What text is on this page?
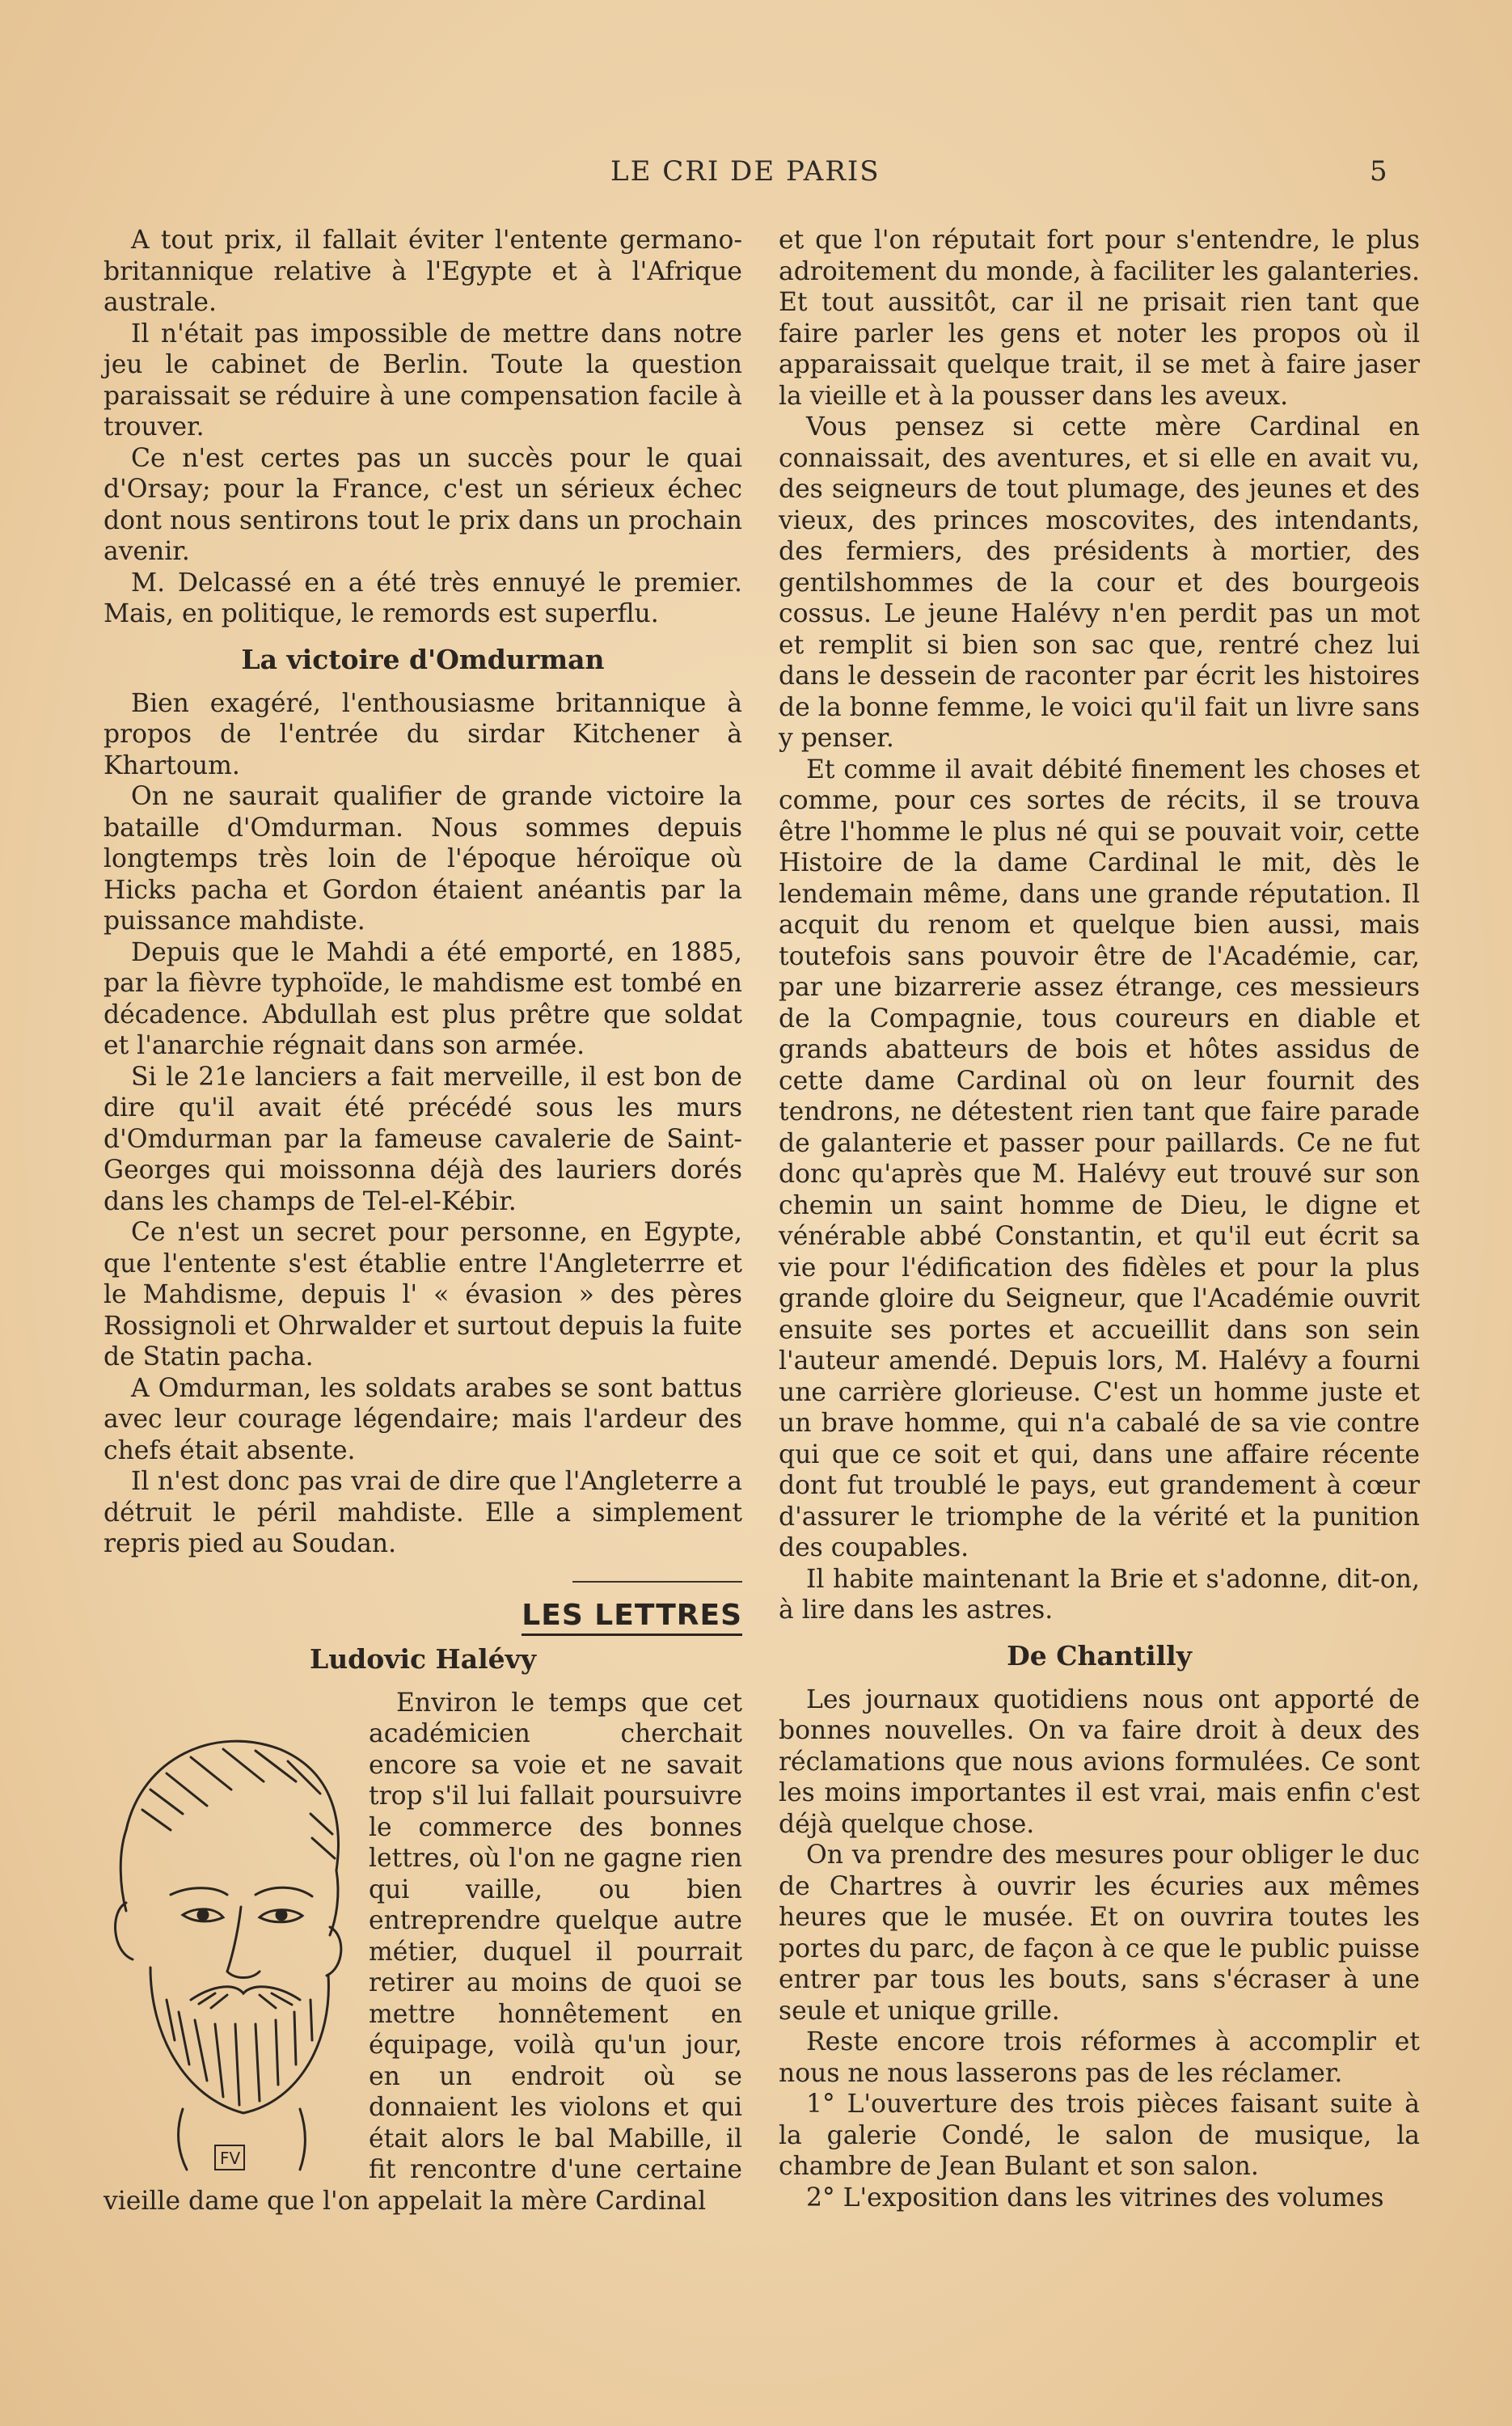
LE CRI DE PARIS	5

A tout prix, il fallait éviter l'entente germano-britannique relative à l'Egypte et à l'Afrique australe.

Il n'était pas impossible de mettre dans notre jeu le cabinet de Berlin. Toute la question paraissait se réduire à une compensation facile à trouver.

Ce n'est certes pas un succès pour le quai d'Orsay; pour la France, c'est un sérieux échec dont nous sentirons tout le prix dans un prochain avenir.

M. Delcassé en a été très ennuyé le premier. Mais, en politique, le remords est superflu.

La victoire d'Omdurman

Bien exagéré, l'enthousiasme britannique à propos de l'entrée du sirdar Kitchener à Khartoum.

On ne saurait qualifier de grande victoire la bataille d'Omdurman. Nous sommes depuis longtemps très loin de l'époque héroïque où Hicks pacha et Gordon étaient anéantis par la puissance mahdiste.

Depuis que le Mahdi a été emporté, en 1885, par la fièvre typhoïde, le mahdisme est tombé en décadence. Abdullah est plus prêtre que soldat et l'anarchie régnait dans son armée.

Si le 21e lanciers a fait merveille, il est bon de dire qu'il avait été précédé sous les murs d'Omdurman par la fameuse cavalerie de Saint-Georges qui moissonna déjà des lauriers dorés dans les champs de Tel-el-Kébir.

Ce n'est un secret pour personne, en Egypte, que l'entente s'est établie entre l'Angleterrre et le Mahdisme, depuis l' « évasion » des pères Rossignoli et Ohrwalder et surtout depuis la fuite de Statin pacha.

A Omdurman, les soldats arabes se sont battus avec leur courage légendaire; mais l'ardeur des chefs était absente.

Il n'est donc pas vrai de dire que l'Angleterre a détruit le péril mahdiste. Elle a simplement repris pied au Soudan.

LES LETTRES
Ludovic Halévy
FV

Environ le temps que cet académicien cherchait encore sa voie et ne savait trop s'il lui fallait poursuivre le commerce des bonnes lettres, où l'on ne gagne rien qui vaille, ou bien entreprendre quelque autre métier, duquel il pourrait retirer au moins de quoi se mettre honnêtement en équipage, voilà qu'un jour, en un endroit où se donnaient les violons et qui était alors le bal Mabille, il fit rencontre d'une certaine vieille dame que l'on appelait la mère Cardinal

et que l'on réputait fort pour s'entendre, le plus adroitement du monde, à faciliter les galanteries. Et tout aussitôt, car il ne prisait rien tant que faire parler les gens et noter les propos où il apparaissait quelque trait, il se met à faire jaser la vieille et à la pousser dans les aveux.

Vous pensez si cette mère Cardinal en connaissait, des aventures, et si elle en avait vu, des seigneurs de tout plumage, des jeunes et des vieux, des princes moscovites, des intendants, des fermiers, des présidents à mortier, des gentilshommes de la cour et des bourgeois cossus. Le jeune Halévy n'en perdit pas un mot et remplit si bien son sac que, rentré chez lui dans le dessein de raconter par écrit les histoires de la bonne femme, le voici qu'il fait un livre sans y penser.

Et comme il avait débité finement les choses et comme, pour ces sortes de récits, il se trouva être l'homme le plus né qui se pouvait voir, cette Histoire de la dame Cardinal le mit, dès le lendemain même, dans une grande réputation. Il acquit du renom et quelque bien aussi, mais toutefois sans pouvoir être de l'Académie, car, par une bizarrerie assez étrange, ces messieurs de la Compagnie, tous coureurs en diable et grands abatteurs de bois et hôtes assidus de cette dame Cardinal où on leur fournit des tendrons, ne détestent rien tant que faire parade de galanterie et passer pour paillards. Ce ne fut donc qu'après que M. Halévy eut trouvé sur son chemin un saint homme de Dieu, le digne et vénérable abbé Constantin, et qu'il eut écrit sa vie pour l'édification des fidèles et pour la plus grande gloire du Seigneur, que l'Académie ouvrit ensuite ses portes et accueillit dans son sein l'auteur amendé. Depuis lors, M. Halévy a fourni une carrière glorieuse. C'est un homme juste et un brave homme, qui n'a cabalé de sa vie contre qui que ce soit et qui, dans une affaire récente dont fut troublé le pays, eut grandement à cœur d'assurer le triomphe de la vérité et la punition des coupables.

Il habite maintenant la Brie et s'adonne, dit-on, à lire dans les astres.

De Chantilly

Les journaux quotidiens nous ont apporté de bonnes nouvelles. On va faire droit à deux des réclamations que nous avions formulées. Ce sont les moins importantes il est vrai, mais enfin c'est déjà quelque chose.

On va prendre des mesures pour obliger le duc de Chartres à ouvrir les écuries aux mêmes heures que le musée. Et on ouvrira toutes les portes du parc, de façon à ce que le public puisse entrer par tous les bouts, sans s'écraser à une seule et unique grille.

Reste encore trois réformes à accomplir et nous ne nous lasserons pas de les réclamer.

1° L'ouverture des trois pièces faisant suite à la galerie Condé, le salon de musique, la chambre de Jean Bulant et son salon.

2° L'exposition dans les vitrines des volumes
